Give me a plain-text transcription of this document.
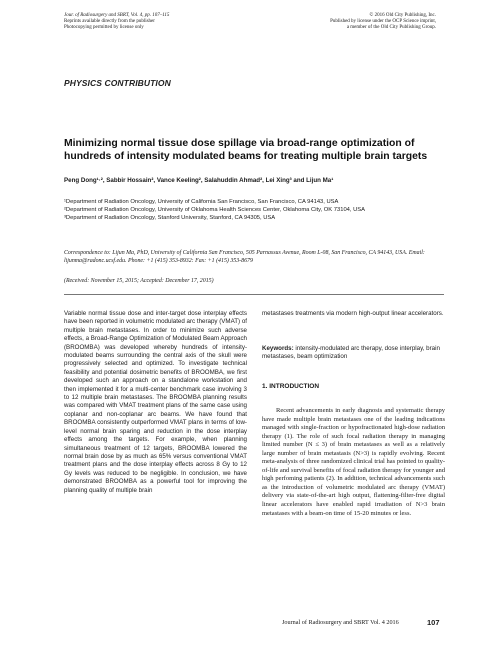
Jour. of Radiosurgery and SBRT, Vol. 4, pp. 107–115
Reprints available directly from the publisher
Photocopying permitted by license only
© 2016 Old City Publishing, Inc.
Published by license under the OCP Science imprint,
a member of the Old City Publishing Group.
PHYSICS CONTRIBUTION
Minimizing normal tissue dose spillage via broad-range optimization of hundreds of intensity modulated beams for treating multiple brain targets
Peng Dong¹·², Sabbir Hossain², Vance Keeling², Salahuddin Ahmad², Lei Xing³ and Lijun Ma¹
¹Department of Radiation Oncology, University of California San Francisco, San Francisco, CA 94143, USA
²Department of Radiation Oncology, University of Oklahoma Health Sciences Center, Oklahoma City, OK 73104, USA
³Department of Radiation Oncology, Stanford University, Stanford, CA 94305, USA
Correspondence to: Lijun Ma, PhD, University of California San Francisco, 505 Parnassus Avenue, Room L-08, San Francisco, CA 94143, USA. Email: lijunma@radonc.ucsf.edu. Phone: +1 (415) 353-8932: Fax: +1 (415) 353-8679
(Received: November 15, 2015; Accepted: December 17, 2015)
Variable normal tissue dose and inter-target dose interplay effects have been reported in volumetric modulated arc therapy (VMAT) of multiple brain metastases. In order to minimize such adverse effects, a Broad-Range Optimization of Modulated Beam Approach (BROOMBA) was developed whereby hundreds of intensity-modulated beams surrounding the central axis of the skull were progressively selected and optimized. To investigate technical feasibility and potential dosimetric benefits of BROOMBA, we first developed such an approach on a standalone workstation and then implemented it for a multi-center benchmark case involving 3 to 12 multiple brain metastases. The BROOMBA planning results was compared with VMAT treatment plans of the same case using coplanar and non-coplanar arc beams. We have found that BROOMBA consistently outperformed VMAT plans in terms of low-level normal brain sparing and reduction in the dose interplay effects among the targets. For example, when planning simultaneous treatment of 12 targets, BROOMBA lowered the normal brain dose by as much as 65% versus conventional VMAT treatment plans and the dose interplay effects across 8 Gy to 12 Gy levels was reduced to be negligible. In conclusion, we have demonstrated BROOMBA as a powerful tool for improving the planning quality of multiple brain
metastases treatments via modern high-output linear accelerators.
Keywords: intensity-modulated arc therapy, dose interplay, brain metastases, beam optimization
1. INTRODUCTION
Recent advancements in early diagnosis and systematic therapy have made multiple brain metastases one of the leading indications managed with single-fraction or hypofractionated high-dose radiation therapy (1). The role of such focal radiation therapy in managing limited number (N ≤ 3) of brain metastases as well as a relatively large number of brain metastasis (N>3) is rapidly evolving. Recent meta-analysis of three randomized clinical trial has pointed to quality-of-life and survival benefits of focal radiation therapy for younger and high perfoming patients (2). In addition, technical advancements such as the introduction of volumetric modulated arc therapy (VMAT) delivery via state-of-the-art high output, flattening-filter-free digital linear accelerators have enabled rapid irradiation of N>3 brain metastases with a beam-on time of 15-20 minutes or less.
Journal of Radiosurgery and SBRT Vol. 4 2016	107
